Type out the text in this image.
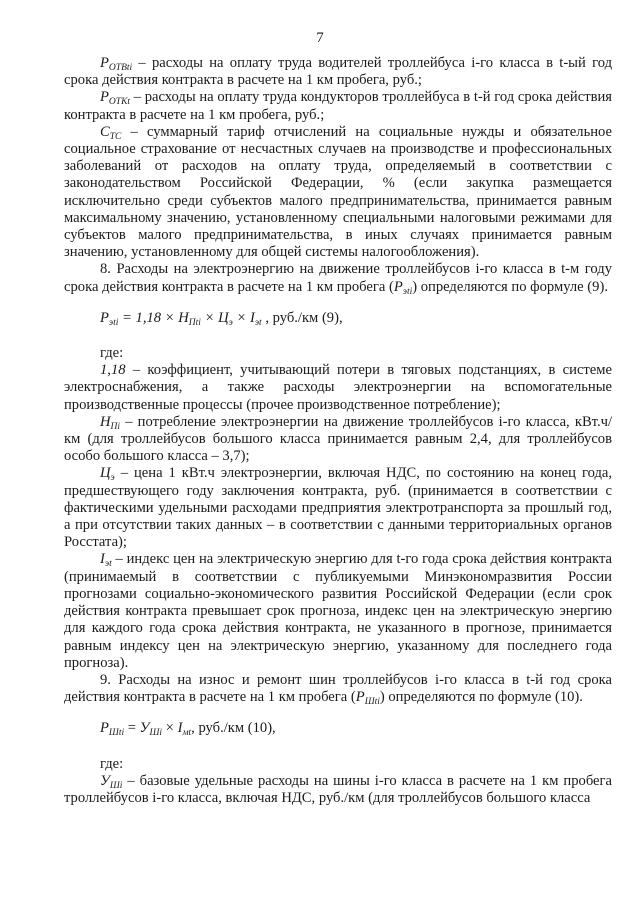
7

$P_{ОТВti}$ – расходы на оплату труда водителей троллейбуса i-го класса в t-ый год срока действия контракта в расчете на 1 км пробега, руб.;

$P_{ОТКt}$ – расходы на оплату труда кондукторов троллейбуса в t-й год срока действия контракта в расчете на 1 км пробега, руб.;

$C_{TC}$ – суммарный тариф отчислений на социальные нужды и обязательное социальное страхование от несчастных случаев на производстве и профессиональных заболеваний от расходов на оплату труда, определяемый в соответствии с законодательством Российской Федерации, % (если закупка размещается исключительно среди субъектов малого предпринимательства, принимается равным максимальному значению, установленному специальными налоговыми режимами для субъектов малого предпринимательства, в иных случаях принимается равным значению, установленному для общей системы налогообложения).

8. Расходы на электроэнергию на движение троллейбусов i-го класса в t-м году срока действия контракта в расчете на 1 км пробега $(P_{эti})$ определяются по формуле (9).

$P_{эti} = 1,18 \times Н_{Пti} \times Ц_э \times I_{эt}$ , руб./км (9),

где:

1,18 – коэффициент, учитывающий потери в тяговых подстанциях, в системе электроснабжения, а также расходы электроэнергии на вспомогательные производственные процессы (прочее производственное потребление);

$Н_{Пi}$ – потребление электроэнергии на движение троллейбусов i-го класса, кВт.ч/км (для троллейбусов большого класса принимается равным 2,4, для троллейбусов особо большого класса – 3,7);

$Ц_э$ – цена 1 кВт.ч электроэнергии, включая НДС, по состоянию на конец года, предшествующего году заключения контракта, руб. (принимается в соответствии с фактическими удельными расходами предприятия электротранспорта за прошлый год, а при отсутствии таких данных – в соответствии с данными территориальных органов Росстата);

$I_{эt}$ – индекс цен на электрическую энергию для t-го года срока действия контракта (принимаемый в соответствии с публикуемыми Минэкономразвития России прогнозами социально-экономического развития Российской Федерации (если срок действия контракта превышает срок прогноза, индекс цен на электрическую энергию для каждого года срока действия контракта, не указанного в прогнозе, принимается равным индексу цен на электрическую энергию, указанному для последнего года прогноза).

9. Расходы на износ и ремонт шин троллейбусов i-го класса в t-й год срока действия контракта в расчете на 1 км пробега $(P_{Шti})$ определяются по формуле (10).

$P_{Шti} = У_{Шi} \times I_{мt}$, руб./км (10),

где:

$У_{Шi}$ – базовые удельные расходы на шины i-го класса в расчете на 1 км пробега троллейбусов i-го класса, включая НДС, руб./км (для троллейбусов большого класса
